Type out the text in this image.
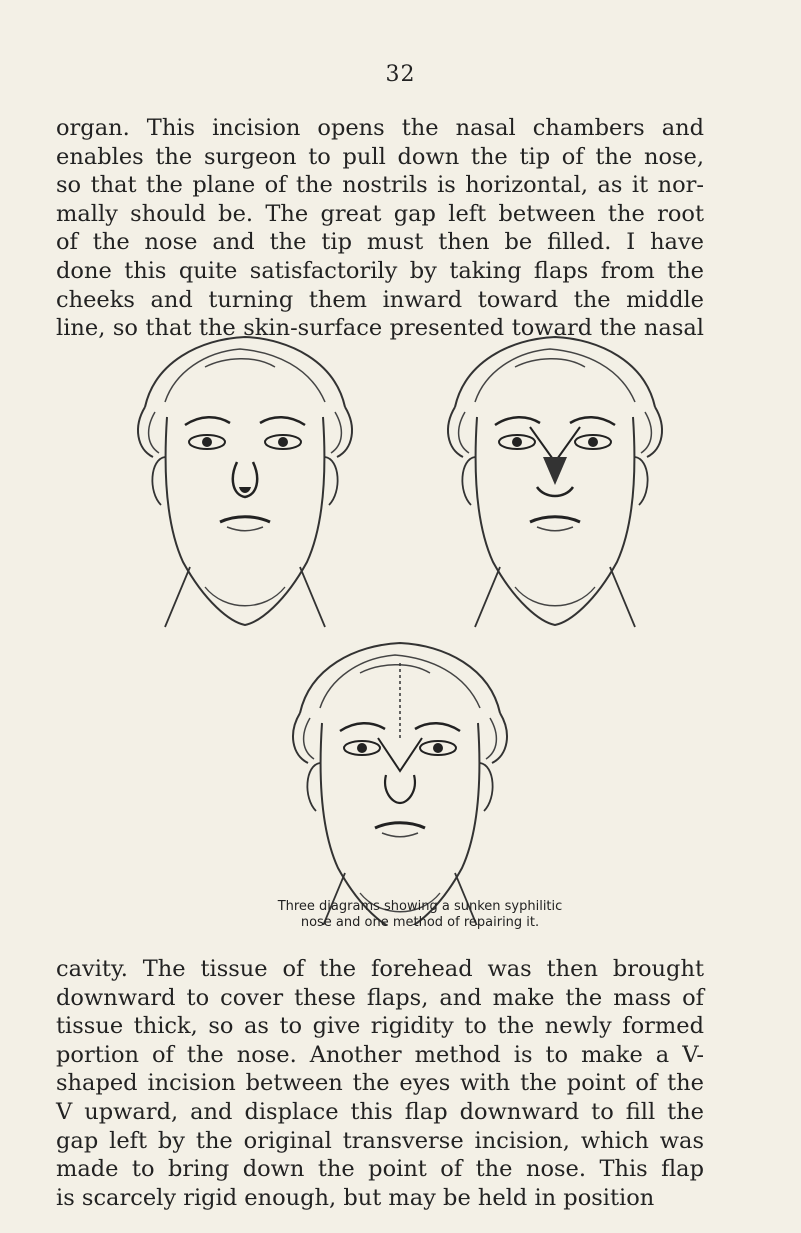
32
organ. This incision opens the nasal chambers and
enables the surgeon to pull down the tip of the nose,
so that the plane of the nostrils is horizontal, as it nor-
mally should be. The great gap left between the root
of the nose and the tip must then be filled. I have
done this quite satisfactorily by taking flaps from the
cheeks and turning them inward toward the middle
line, so that the skin-surface presented toward the nasal
Three diagrams showing a sunken syphilitic
nose and one method of repairing it.
cavity. The tissue of the forehead was then brought
downward to cover these flaps, and make the mass of
tissue thick, so as to give rigidity to the newly formed
portion of the nose. Another method is to make a V-
shaped incision between the eyes with the point of the
V upward, and displace this flap downward to fill the
gap left by the original transverse incision, which was
made to bring down the point of the nose. This flap
is scarcely rigid enough, but may be held in position
